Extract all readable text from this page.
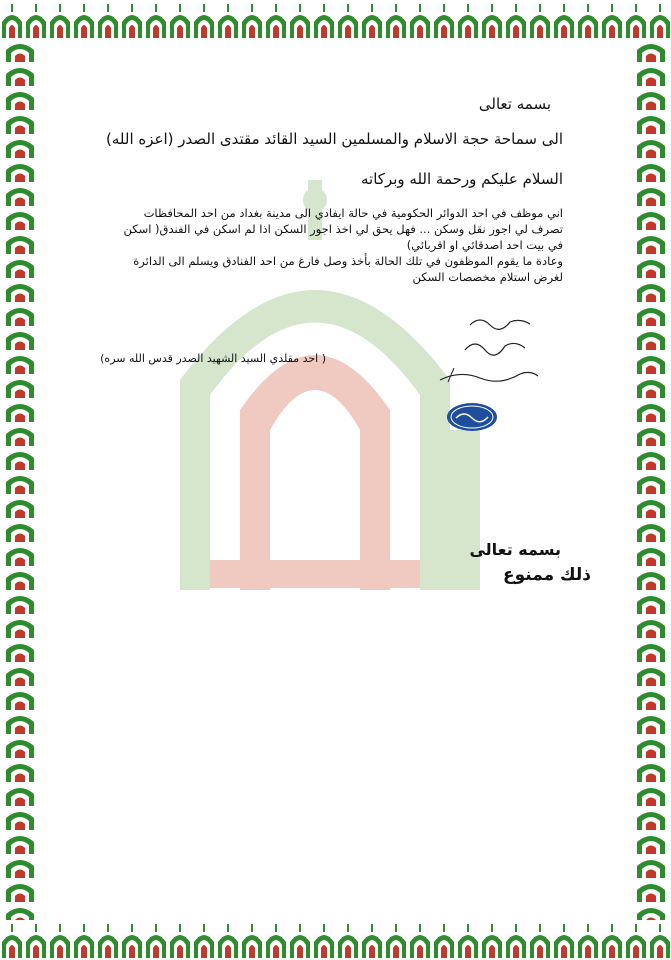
بسمه تعالى
الى سماحة حجة الاسلام والمسلمين السيد القائد مقتدى الصدر (اعزه الله)
السلام عليكم ورحمة الله وبركاته
اني موظف في احد الدوائر الحكومية في حالة ايفادي الى مدينة بغداد من احد المحافظات
تصرف لي اجور نقل وسكن ... فهل يحق لي اخذ اجور السكن اذا لم اسكن في الفندق( اسكن
في بيت احد اصدقائي او اقربائي)
وعادة ما يقوم الموظفون في تلك الحالة بأخذ وصل فارغ من احد الفنادق ويسلم الى الدائرة
لغرض استلام مخصصات السكن
( احد مقلدي السيد الشهيد الصدر قدس الله سره)
بسمه تعالى
ذلك ممنوع
